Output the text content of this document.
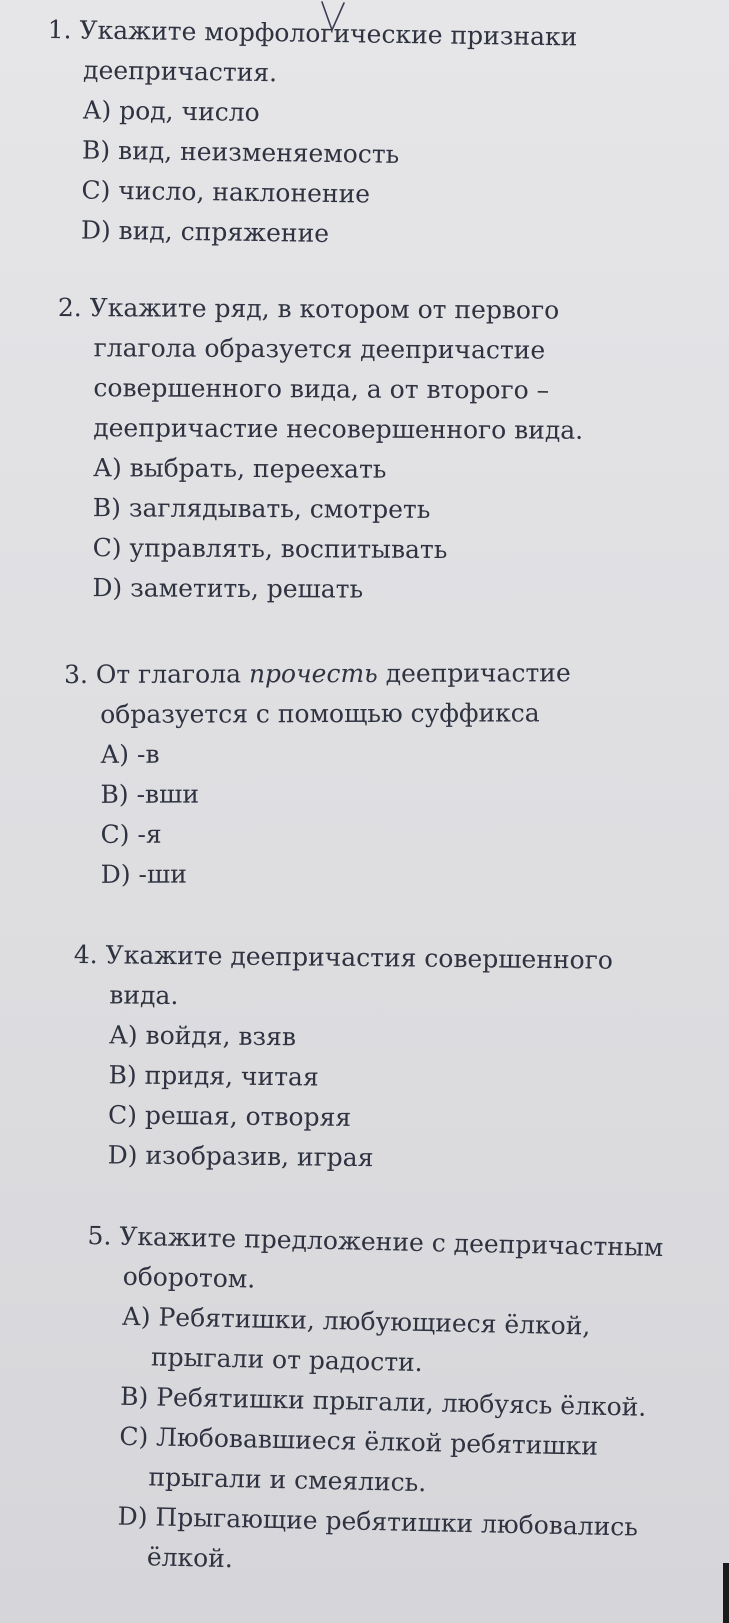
1. Укажите морфологические признаки
деепричастия.
А) род, число
В) вид, неизменяемость
С) число, наклонение
D) вид, спряжение
2. Укажите ряд, в котором от первого
глагола образуется деепричастие
совершенного вида, а от второго –
деепричастие несовершенного вида.
А) выбрать, переехать
В) заглядывать, смотреть
С) управлять, воспитывать
D) заметить, решать
3. От глагола прочесть деепричастие
образуется с помощью суффикса
А) -в
В) -вши
С) -я
D) -ши
4. Укажите деепричастия совершенного
вида.
А) войдя, взяв
В) придя, читая
С) решая, отворяя
D) изобразив, играя
5. Укажите предложение с деепричастным
оборотом.
А) Ребятишки, любующиеся ёлкой,
прыгали от радости.
В) Ребятишки прыгали, любуясь ёлкой.
С) Любовавшиеся ёлкой ребятишки
прыгали и смеялись.
D) Прыгающие ребятишки любовались
ёлкой.
